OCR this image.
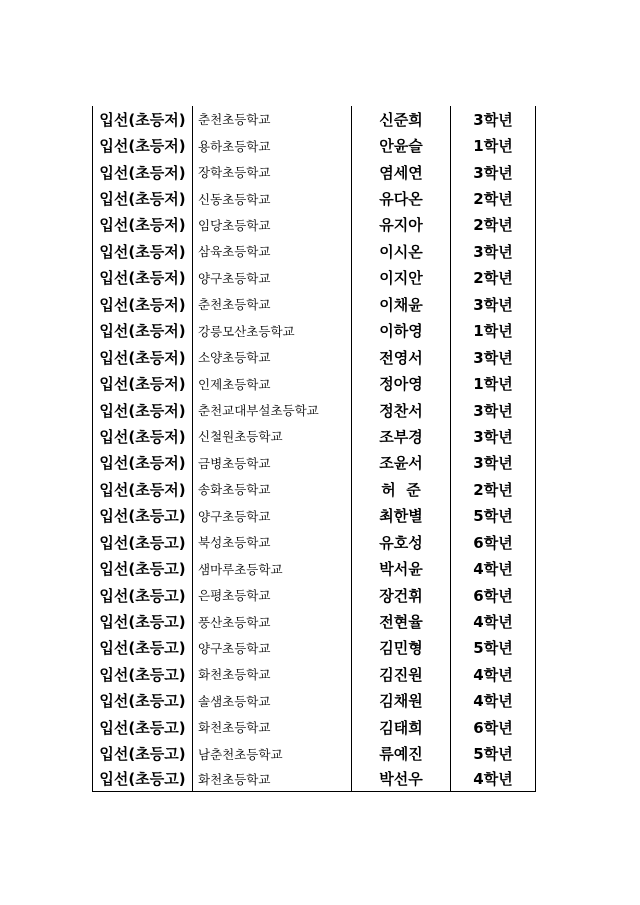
입선(초등저)	춘천초등학교	신준희	3학년
입선(초등저)	용하초등학교	안윤슬	1학년
입선(초등저)	장학초등학교	염세연	3학년
입선(초등저)	신동초등학교	유다온	2학년
입선(초등저)	임당초등학교	유지아	2학년
입선(초등저)	삼육초등학교	이시온	3학년
입선(초등저)	양구초등학교	이지안	2학년
입선(초등저)	춘천초등학교	이채윤	3학년
입선(초등저)	강릉모산초등학교	이하영	1학년
입선(초등저)	소양초등학교	전영서	3학년
입선(초등저)	인제초등학교	정아영	1학년
입선(초등저)	춘천교대부설초등학교	정찬서	3학년
입선(초등저)	신철원초등학교	조부경	3학년
입선(초등저)	금병초등학교	조윤서	3학년
입선(초등저)	송화초등학교	허  준	2학년
입선(초등고)	양구초등학교	최한별	5학년
입선(초등고)	북성초등학교	유호성	6학년
입선(초등고)	샘마루초등학교	박서윤	4학년
입선(초등고)	은평초등학교	장건휘	6학년
입선(초등고)	풍산초등학교	전현율	4학년
입선(초등고)	양구초등학교	김민형	5학년
입선(초등고)	화천초등학교	김진원	4학년
입선(초등고)	솔샘초등학교	김채원	4학년
입선(초등고)	화천초등학교	김태희	6학년
입선(초등고)	남춘천초등학교	류예진	5학년
입선(초등고)	화천초등학교	박선우	4학년
